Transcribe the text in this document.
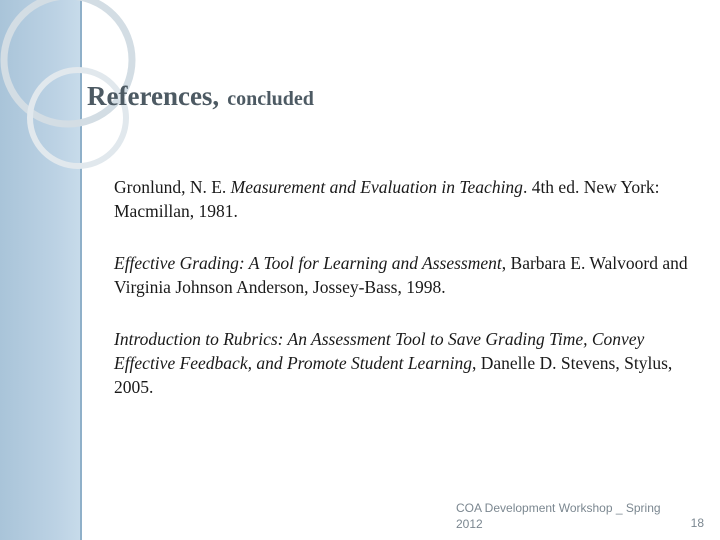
References, concluded

Gronlund, N. E. Measurement and Evaluation in Teaching. 4th ed. New York: Macmillan, 1981.

Effective Grading: A Tool for Learning and Assessment, Barbara E. Walvoord and Virginia Johnson Anderson, Jossey-Bass, 1998.

Introduction to Rubrics: An Assessment Tool to Save Grading Time, Convey Effective Feedback, and Promote Student Learning, Danelle D. Stevens, Stylus, 2005.

COA Development Workshop _ Spring 2012	18
